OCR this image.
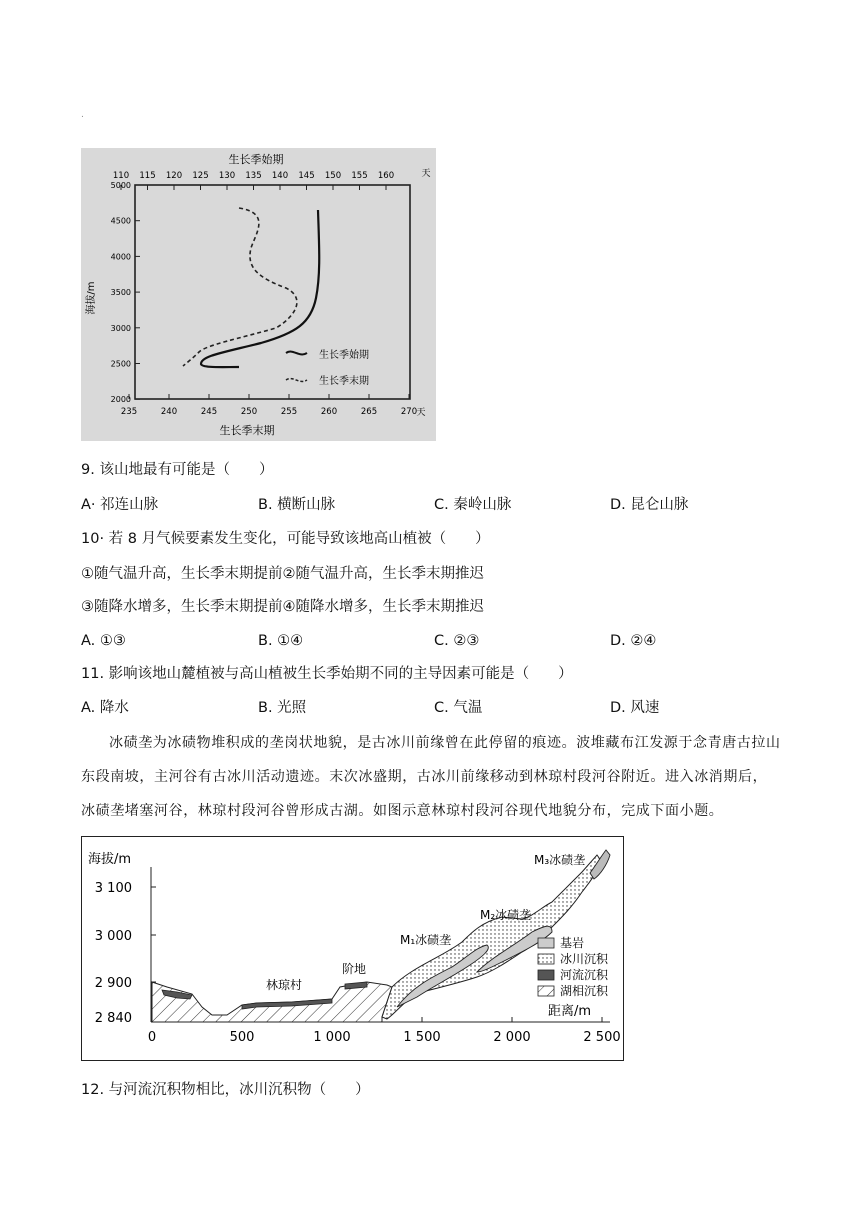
.
生长季始期
110 115 120 125 130 135 140 145 150 155 160	天
5000
4500
4000
3500
3000
2500
2000
海拔/m
235	240	245	250	255	260	265	270 天
生长季末期
生长季始期
生长季末期
9. 该山地最有可能是（　　）
A· 祁连山脉	B. 横断山脉	C. 秦岭山脉	D. 昆仑山脉
10· 若 8 月气候要素发生变化，可能导致该地高山植被（　　）
①随气温升高，生长季末期提前②随气温升高，生长季末期推迟
③随降水增多，生长季末期提前④随降水增多，生长季末期推迟
A. ①③	B. ①④	C. ②③	D. ②④
11. 影响该地山麓植被与高山植被生长季始期不同的主导因素可能是（　　）
A. 降水	B. 光照	C. 气温	D. 风速
冰碛垄为冰碛物堆积成的垄岗状地貌，是古冰川前缘曾在此停留的痕迹。波堆藏布江发源于念青唐古拉山东段南坡，主河谷有古冰川活动遗迹。末次冰盛期，古冰川前缘移动到林琼村段河谷附近。进入冰消期后，冰碛垄堵塞河谷，林琼村段河谷曾形成古湖。如图示意林琼村段河谷现代地貌分布，完成下面小题。
海拔/m
3 100
3 000
2 900
2 840
0	500	1 000	1 500	2 000	2 500
距离/m
林琼村
阶地
M₁冰碛垄
M₂冰碛垄
M₃冰碛垄
基岩
冰川沉积
河流沉积
湖相沉积
12. 与河流沉积物相比，冰川沉积物（　　）
